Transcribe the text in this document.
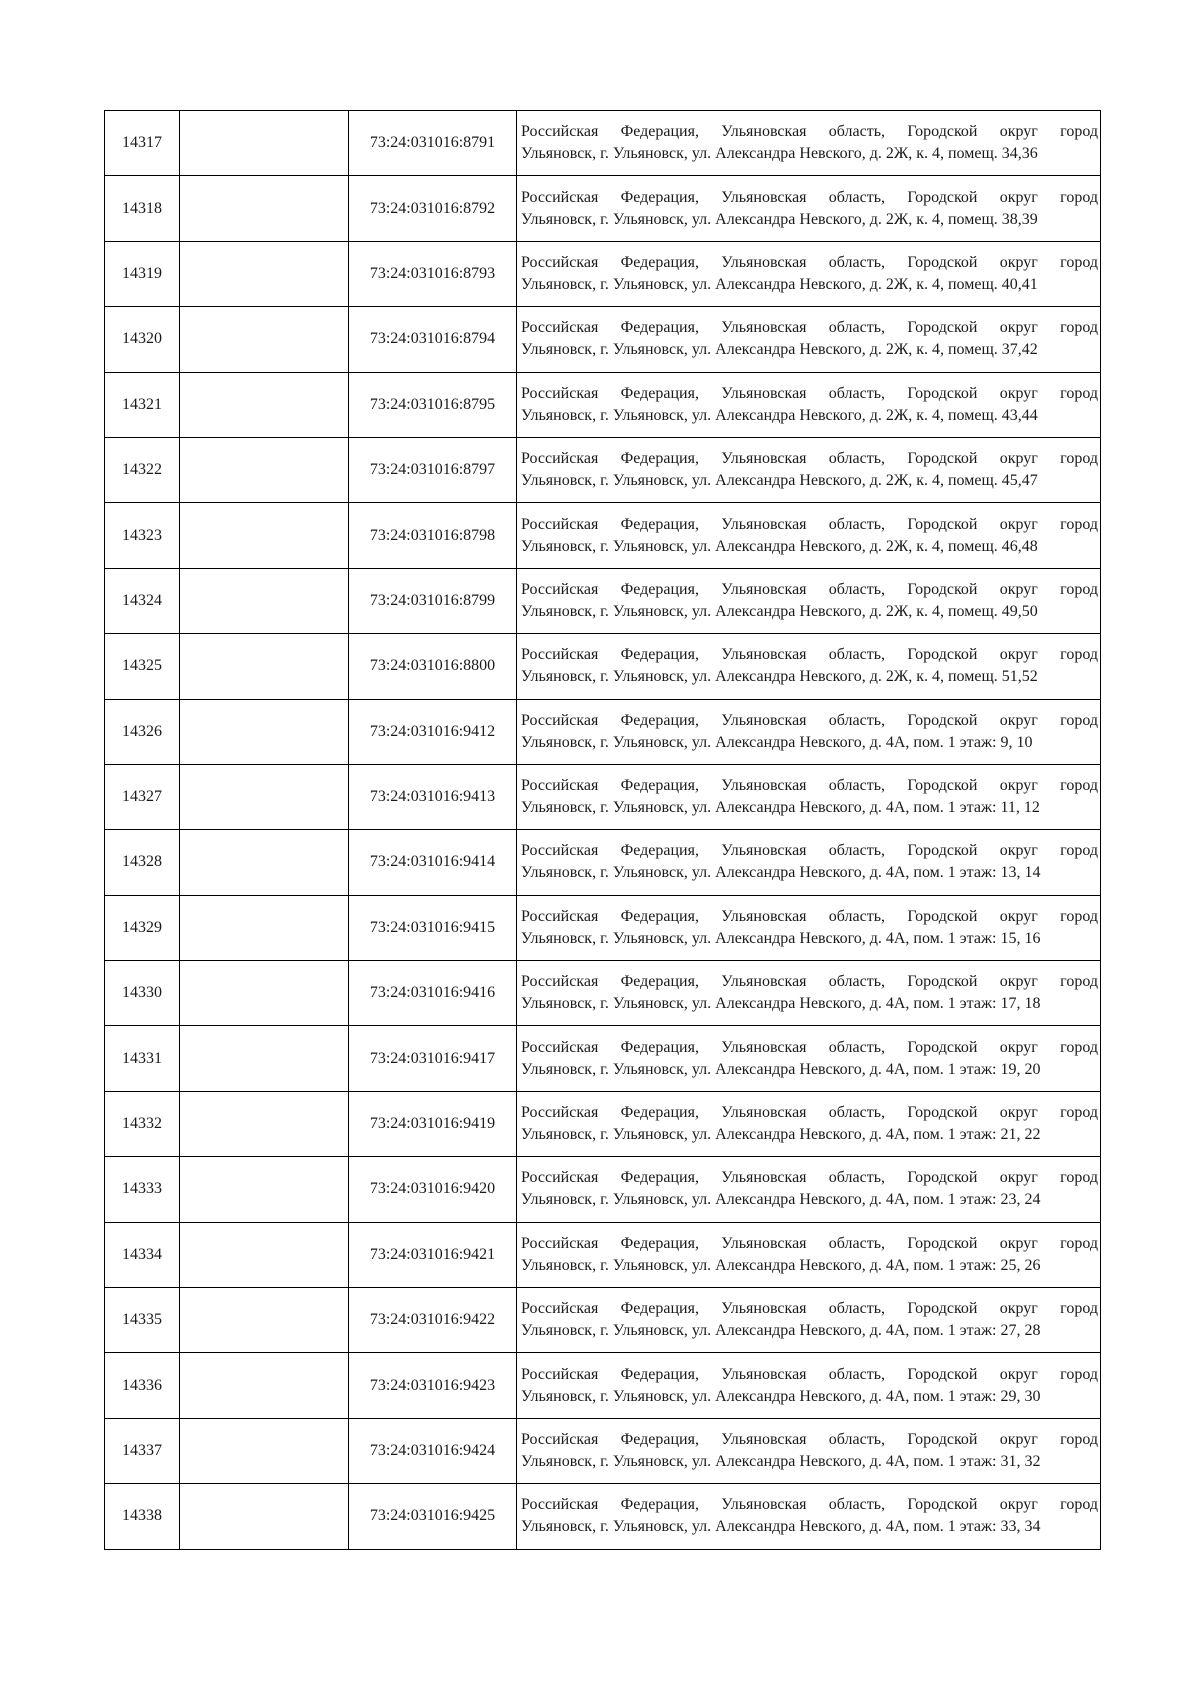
14317		73:24:031016:8791	Российская Федерация, Ульяновская область, Городской округ город
Ульяновск, г. Ульяновск, ул. Александра Невского, д. 2Ж, к. 4, помещ. 34,36

14318		73:24:031016:8792	Российская Федерация, Ульяновская область, Городской округ город
Ульяновск, г. Ульяновск, ул. Александра Невского, д. 2Ж, к. 4, помещ. 38,39

14319		73:24:031016:8793	Российская Федерация, Ульяновская область, Городской округ город
Ульяновск, г. Ульяновск, ул. Александра Невского, д. 2Ж, к. 4, помещ. 40,41

14320		73:24:031016:8794	Российская Федерация, Ульяновская область, Городской округ город
Ульяновск, г. Ульяновск, ул. Александра Невского, д. 2Ж, к. 4, помещ. 37,42

14321		73:24:031016:8795	Российская Федерация, Ульяновская область, Городской округ город
Ульяновск, г. Ульяновск, ул. Александра Невского, д. 2Ж, к. 4, помещ. 43,44

14322		73:24:031016:8797	Российская Федерация, Ульяновская область, Городской округ город
Ульяновск, г. Ульяновск, ул. Александра Невского, д. 2Ж, к. 4, помещ. 45,47

14323		73:24:031016:8798	Российская Федерация, Ульяновская область, Городской округ город
Ульяновск, г. Ульяновск, ул. Александра Невского, д. 2Ж, к. 4, помещ. 46,48

14324		73:24:031016:8799	Российская Федерация, Ульяновская область, Городской округ город
Ульяновск, г. Ульяновск, ул. Александра Невского, д. 2Ж, к. 4, помещ. 49,50

14325		73:24:031016:8800	Российская Федерация, Ульяновская область, Городской округ город
Ульяновск, г. Ульяновск, ул. Александра Невского, д. 2Ж, к. 4, помещ. 51,52

14326		73:24:031016:9412	Российская Федерация, Ульяновская область, Городской округ город
Ульяновск, г. Ульяновск, ул. Александра Невского, д. 4А, пом. 1 этаж: 9, 10

14327		73:24:031016:9413	Российская Федерация, Ульяновская область, Городской округ город
Ульяновск, г. Ульяновск, ул. Александра Невского, д. 4А, пом. 1 этаж: 11, 12

14328		73:24:031016:9414	Российская Федерация, Ульяновская область, Городской округ город
Ульяновск, г. Ульяновск, ул. Александра Невского, д. 4А, пом. 1 этаж: 13, 14

14329		73:24:031016:9415	Российская Федерация, Ульяновская область, Городской округ город
Ульяновск, г. Ульяновск, ул. Александра Невского, д. 4А, пом. 1 этаж: 15, 16

14330		73:24:031016:9416	Российская Федерация, Ульяновская область, Городской округ город
Ульяновск, г. Ульяновск, ул. Александра Невского, д. 4А, пом. 1 этаж: 17, 18

14331		73:24:031016:9417	Российская Федерация, Ульяновская область, Городской округ город
Ульяновск, г. Ульяновск, ул. Александра Невского, д. 4А, пом. 1 этаж: 19, 20

14332		73:24:031016:9419	Российская Федерация, Ульяновская область, Городской округ город
Ульяновск, г. Ульяновск, ул. Александра Невского, д. 4А, пом. 1 этаж: 21, 22

14333		73:24:031016:9420	Российская Федерация, Ульяновская область, Городской округ город
Ульяновск, г. Ульяновск, ул. Александра Невского, д. 4А, пом. 1 этаж: 23, 24

14334		73:24:031016:9421	Российская Федерация, Ульяновская область, Городской округ город
Ульяновск, г. Ульяновск, ул. Александра Невского, д. 4А, пом. 1 этаж: 25, 26

14335		73:24:031016:9422	Российская Федерация, Ульяновская область, Городской округ город
Ульяновск, г. Ульяновск, ул. Александра Невского, д. 4А, пом. 1 этаж: 27, 28

14336		73:24:031016:9423	Российская Федерация, Ульяновская область, Городской округ город
Ульяновск, г. Ульяновск, ул. Александра Невского, д. 4А, пом. 1 этаж: 29, 30

14337		73:24:031016:9424	Российская Федерация, Ульяновская область, Городской округ город
Ульяновск, г. Ульяновск, ул. Александра Невского, д. 4А, пом. 1 этаж: 31, 32

14338		73:24:031016:9425	Российская Федерация, Ульяновская область, Городской округ город
Ульяновск, г. Ульяновск, ул. Александра Невского, д. 4А, пом. 1 этаж: 33, 34
